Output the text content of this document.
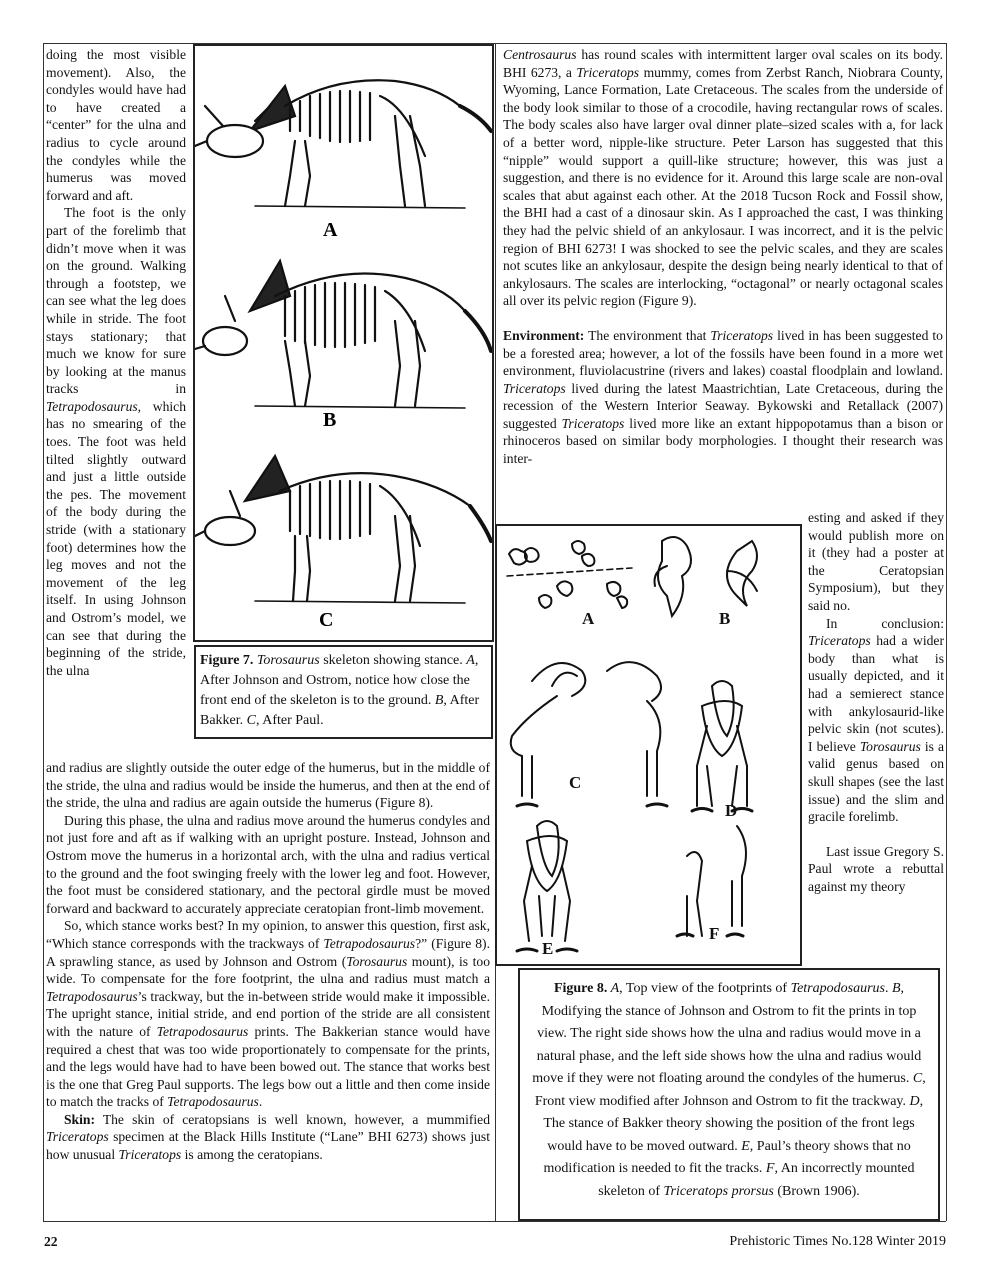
doing the most visible movement). Also, the condyles would have had to have created a “center” for the ulna and radius to cycle around the condyles while the humerus was moved forward and aft.

The foot is the only part of the forelimb that didn’t move when it was on the ground. Walking through a footstep, we can see what the leg does while in stride. The foot stays stationary; that much we know for sure by looking at the manus tracks in Tetrapodosaurus, which has no smearing of the toes. The foot was held tilted slightly outward and just a little outside the pes. The movement of the body during the stride (with a stationary foot) determines how the leg moves and not the movement of the leg itself. In using Johnson and Ostrom’s model, we can see that during the beginning of the stride, the ulna

A
B
C
Figure 7. Torosaurus skeleton showing stance. A, After Johnson and Ostrom, notice how close the front end of the skeleton is to the ground. B, After Bakker. C, After Paul.

and radius are slightly outside the outer edge of the humerus, but in the middle of the stride, the ulna and radius would be inside the humerus, and then at the end of the stride, the ulna and radius are again outside the humerus (Figure 8).

During this phase, the ulna and radius move around the humerus condyles and not just fore and aft as if walking with an upright posture. Instead, Johnson and Ostrom move the humerus in a horizontal arch, with the ulna and radius vertical to the ground and the foot swinging freely with the lower leg and foot. However, the foot must be considered stationary, and the pectoral girdle must be moved forward and backward to accurately appreciate ceratopian front-limb movement.

So, which stance works best? In my opinion, to answer this question, first ask, “Which stance corresponds with the trackways of Tetrapodosaurus?” (Figure 8). A sprawling stance, as used by Johnson and Ostrom (Torosaurus mount), is too wide. To compensate for the fore footprint, the ulna and radius must match a Tetrapodosaurus’s trackway, but the in-between stride would make it impossible. The upright stance, initial stride, and end portion of the stride are all consistent with the nature of Tetrapodosaurus prints. The Bakkerian stance would have required a chest that was too wide proportionately to compensate for the prints, and the legs would have had to have been bowed out. The stance that works best is the one that Greg Paul supports. The legs bow out a little and then come inside to match the tracks of Tetrapodosaurus.

Skin: The skin of ceratopsians is well known, however, a mummified Triceratops specimen at the Black Hills Institute (“Lane” BHI 6273) shows just how unusual Triceratops is among the ceratopians.

Centrosaurus has round scales with intermittent larger oval scales on its body. BHI 6273, a Triceratops mummy, comes from Zerbst Ranch, Niobrara County, Wyoming, Lance Formation, Late Cretaceous. The scales from the underside of the body look similar to those of a crocodile, having rectangular rows of scales. The body scales also have larger oval dinner plate–sized scales with a, for lack of a better word, nipple-like structure. Peter Larson has suggested that this “nipple” would support a quill-like structure; however, this was just a suggestion, and there is no evidence for it. Around this large scale are non-oval scales that abut against each other. At the 2018 Tucson Rock and Fossil show, the BHI had a cast of a dinosaur skin. As I approached the cast, I was thinking they had the pelvic shield of an ankylosaur. I was incorrect, and it is the pelvic region of BHI 6273! I was shocked to see the pelvic scales, and they are scales not scutes like an ankylosaur, despite the design being nearly identical to that of ankylosaurs. The scales are interlocking, “octagonal” or nearly octagonal scales all over its pelvic region (Figure 9).

Environment: The environment that Triceratops lived in has been suggested to be a forested area; however, a lot of the fossils have been found in a more wet environment, fluviolacustrine (rivers and lakes) coastal floodplain and lowland. Triceratops lived during the latest Maastrichtian, Late Cretaceous, during the recession of the Western Interior Seaway. Bykowski and Retallack (2007) suggested Triceratops lived more like an extant hippopotamus than a bison or rhinoceros based on similar body morphologies. I thought their research was inter-

A	B
C
D
E
F

esting and asked if they would publish more on it (they had a poster at the Ceratopsian Symposium), but they said no.

In conclusion: Triceratops had a wider body than what is usually depicted, and it had a semierect stance with ankylosaurid-like pelvic skin (not scutes). I believe Torosaurus is a valid genus based on skull shapes (see the last issue) and the slim and gracile forelimb.

Last issue Gregory S. Paul wrote a rebuttal against my theory

Figure 8. A, Top view of the footprints of Tetrapodosaurus. B, Modifying the stance of Johnson and Ostrom to fit the prints in top view. The right side shows how the ulna and radius would move in a natural phase, and the left side shows how the ulna and radius would move if they were not floating around the condyles of the humerus. C, Front view modified after Johnson and Ostrom to fit the trackway. D, The stance of Bakker theory showing the position of the front legs would have to be moved outward. E, Paul’s theory shows that no modification is needed to fit the tracks. F, An incorrectly mounted skeleton of Triceratops prorsus (Brown 1906).
22	Prehistoric Times No.128 Winter 2019
